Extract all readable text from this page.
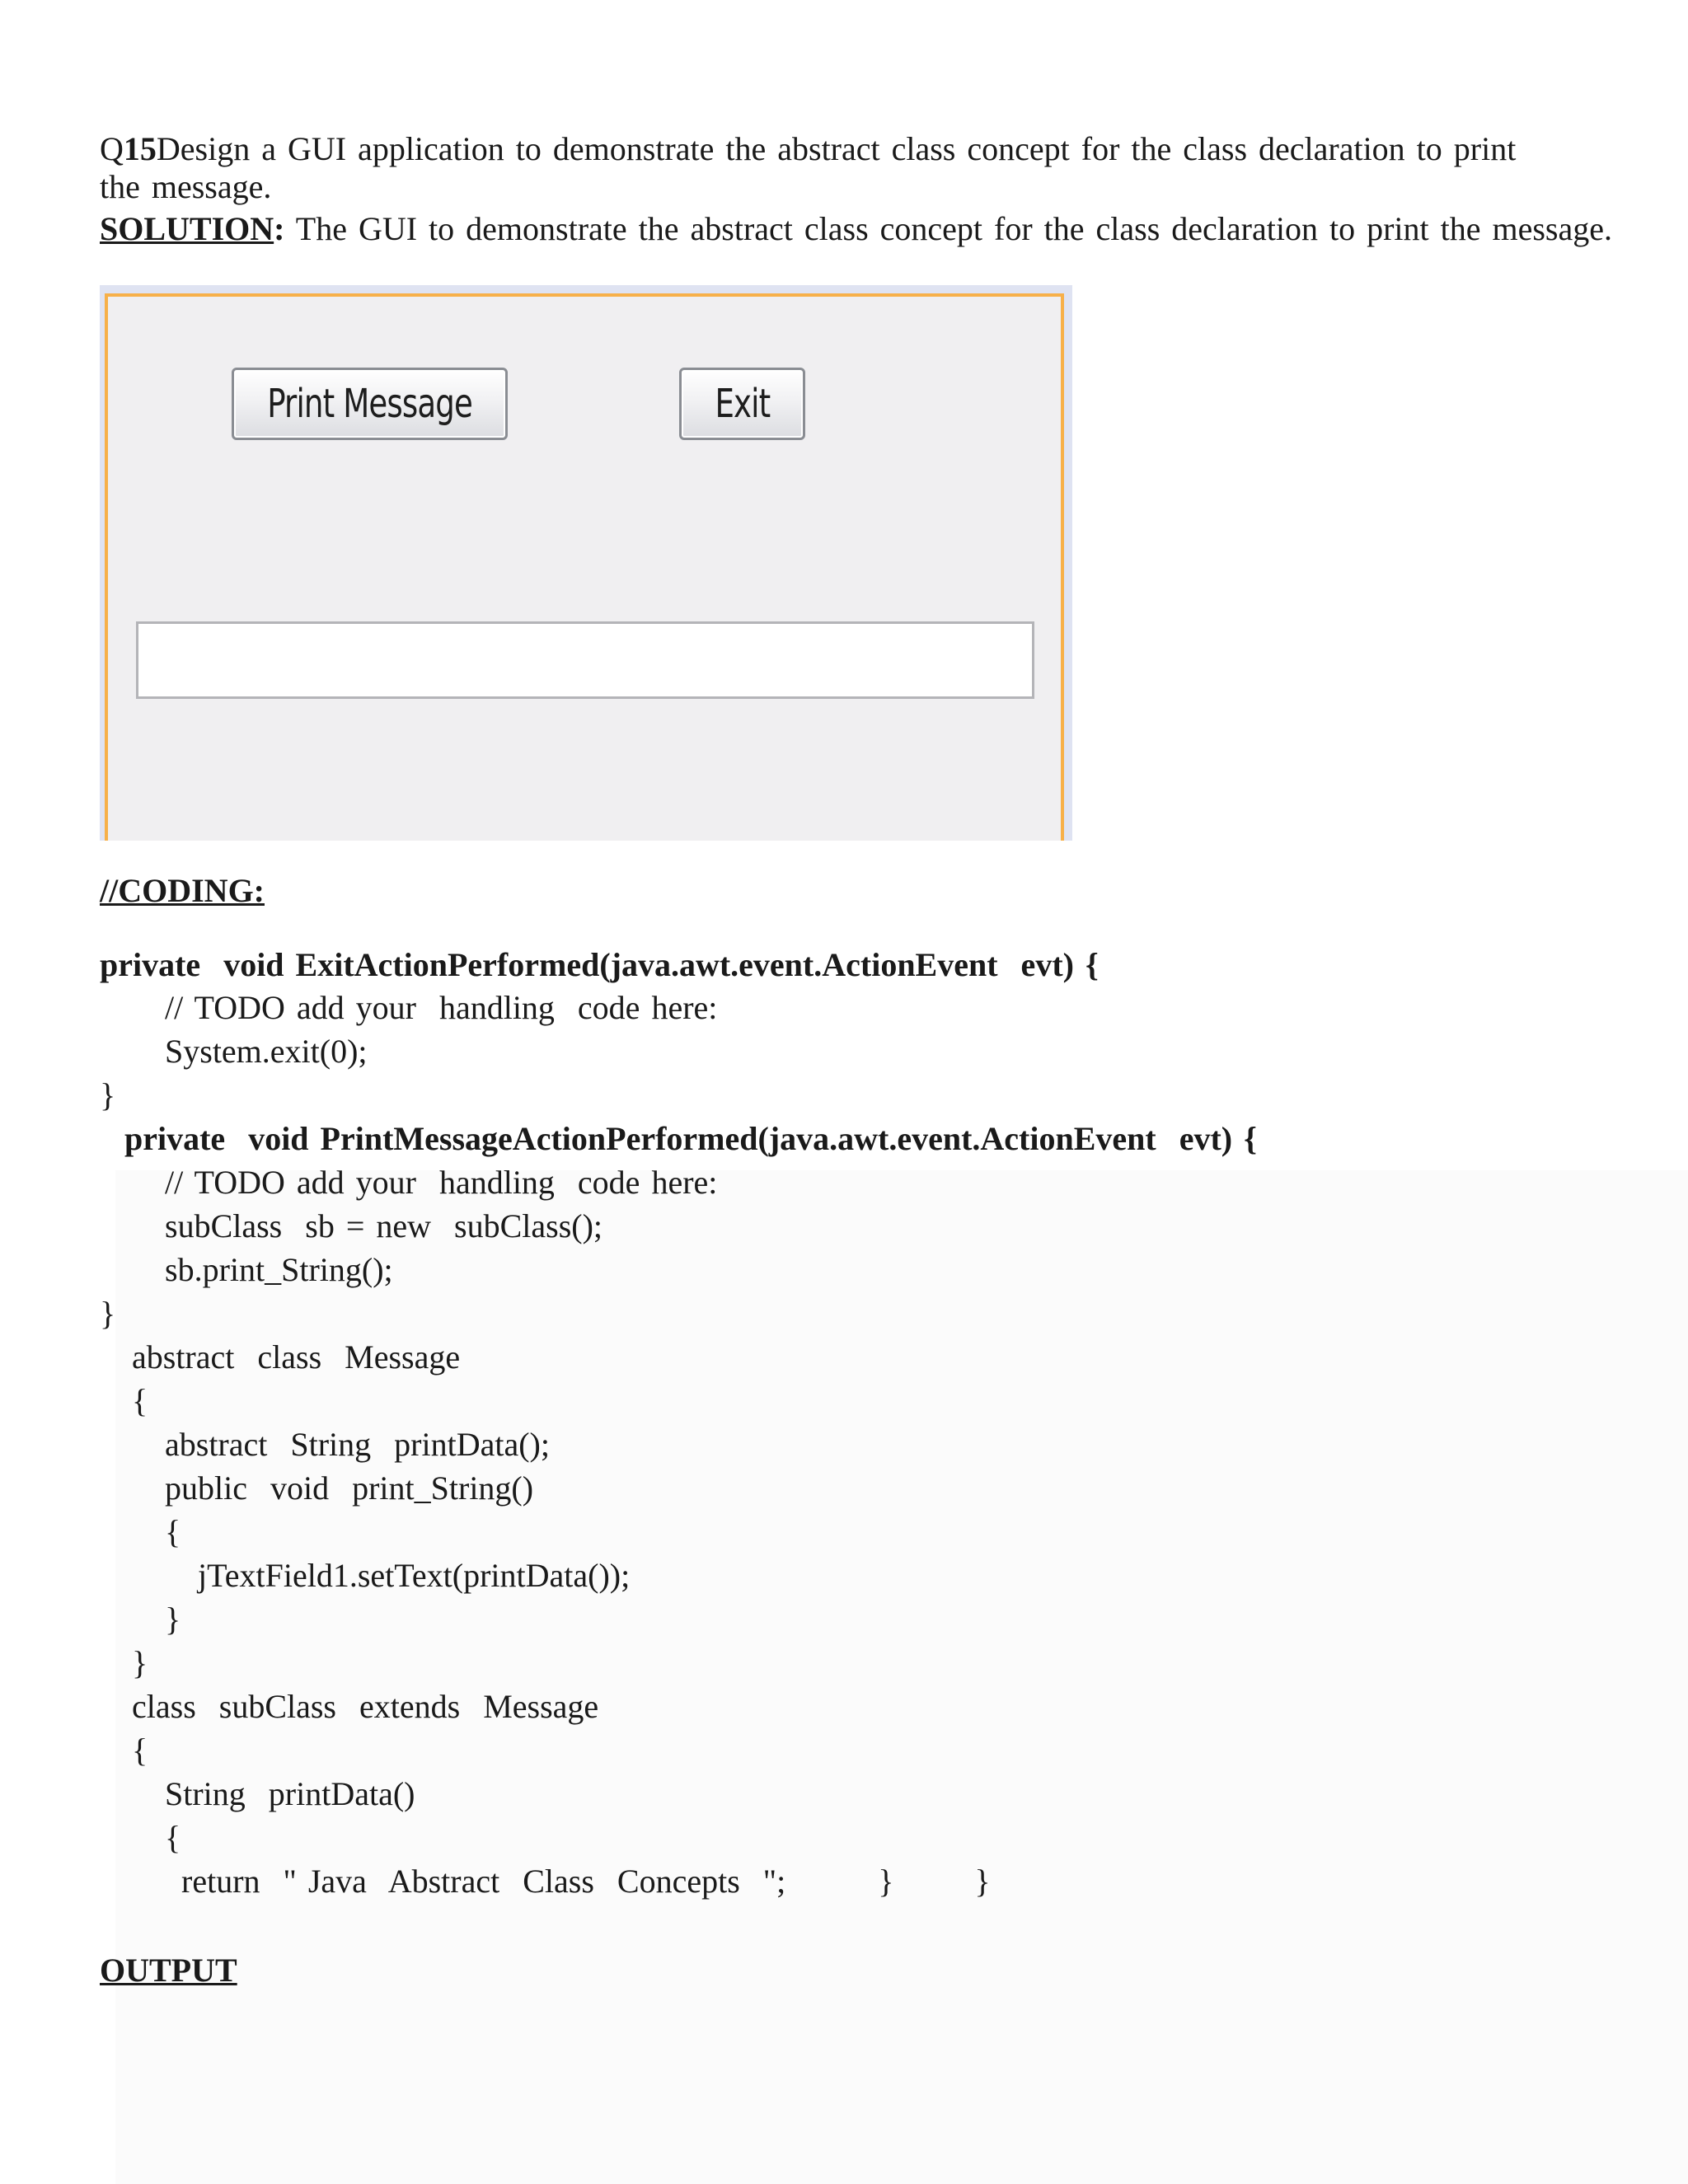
Q15Design a GUI application to demonstrate the abstract class concept for the class declaration to print the message.
SOLUTION: The GUI to demonstrate the abstract class concept for the class declaration to print the message.
Print Message	Exit
//CODING:
private  void ExitActionPerformed(java.awt.event.ActionEvent  evt) {
// TODO add your  handling  code here:
System.exit(0);
}
private  void PrintMessageActionPerformed(java.awt.event.ActionEvent  evt) {
// TODO add your  handling  code here:
subClass  sb = new  subClass();
sb.print_String();
}
abstract  class  Message
{
abstract  String  printData();
public  void  print_String()
{
jTextField1.setText(printData());
}
}
class  subClass  extends  Message
{
String  printData()
{
return  " Java  Abstract  Class  Concepts  ";        }       }
OUTPUT
